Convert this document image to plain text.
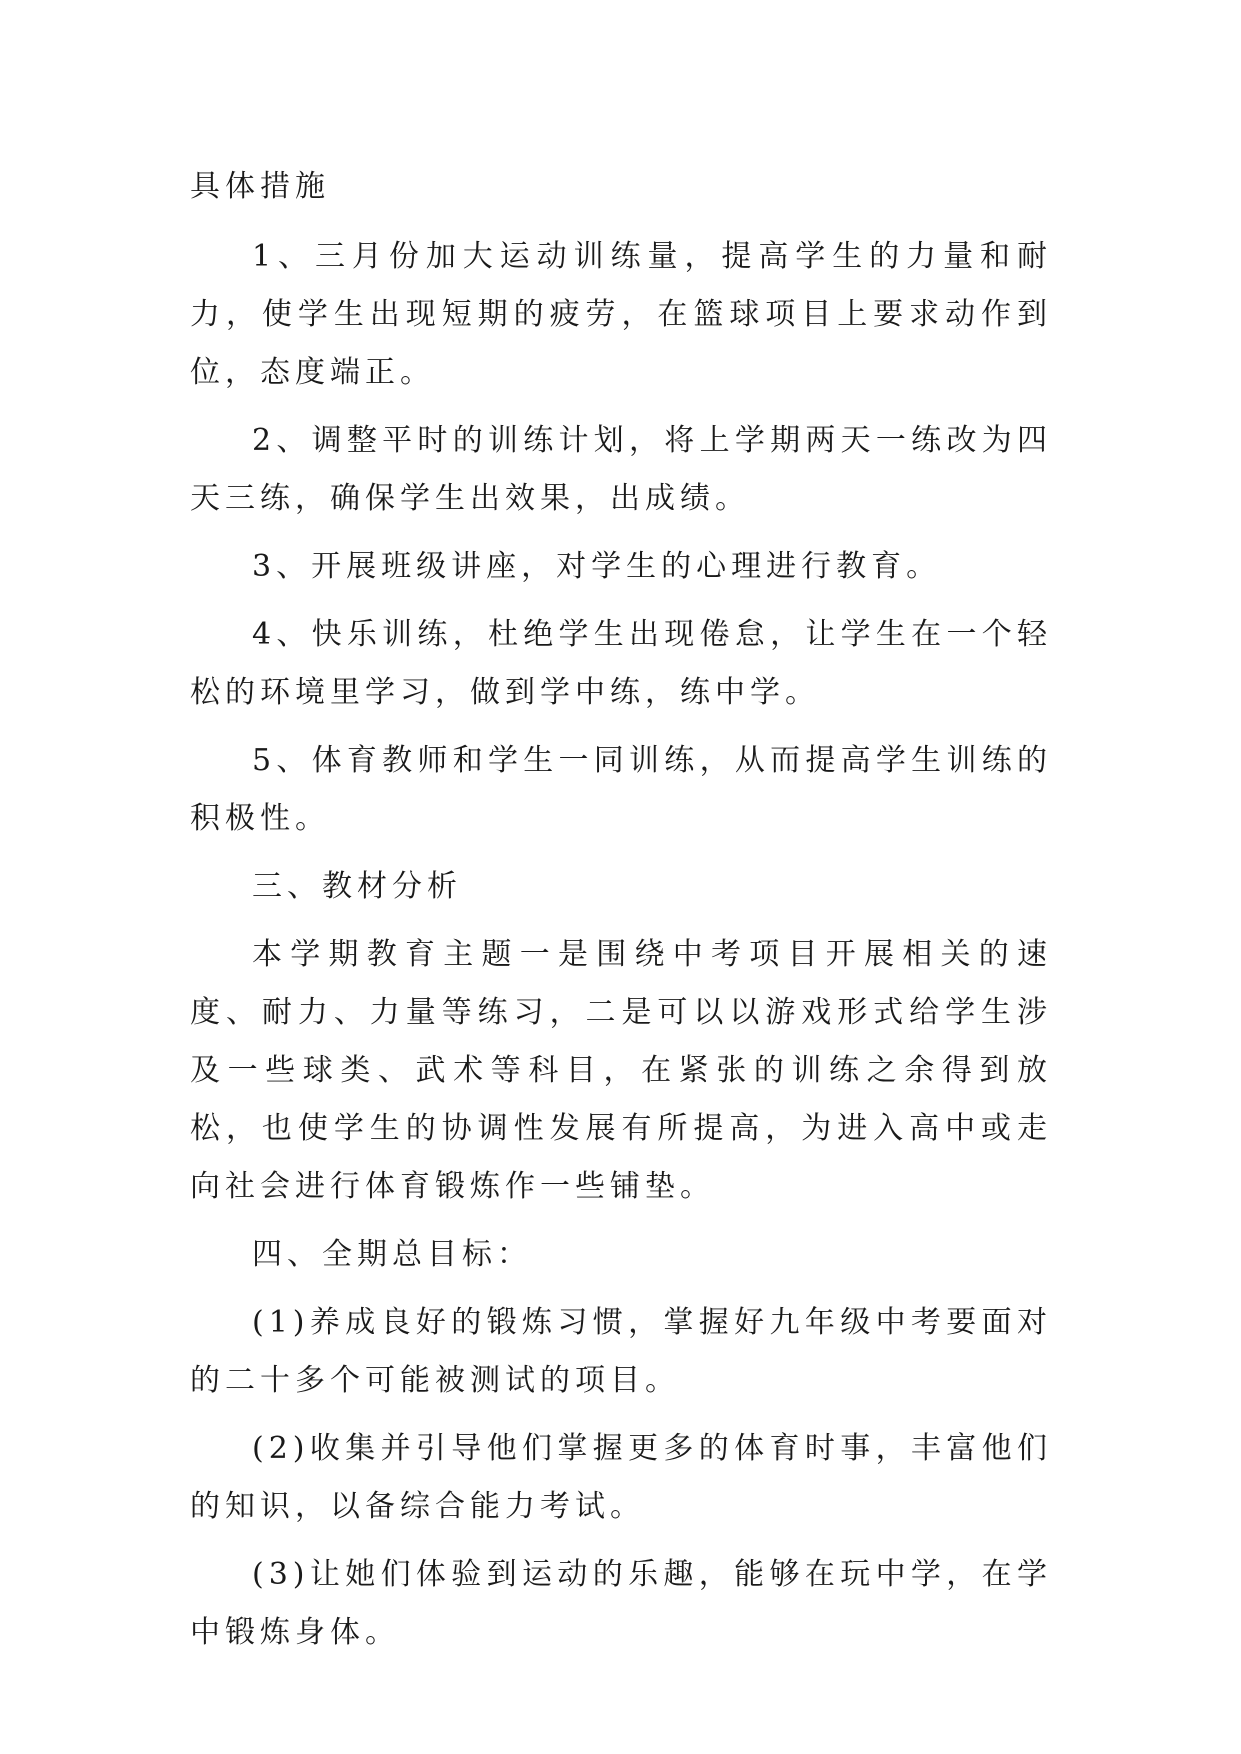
具体措施

1、三月份加大运动训练量，提高学生的力量和耐力，使学生出现短期的疲劳，在篮球项目上要求动作到位，态度端正。

2、调整平时的训练计划，将上学期两天一练改为四天三练，确保学生出效果，出成绩。

3、开展班级讲座，对学生的心理进行教育。

4、快乐训练，杜绝学生出现倦怠，让学生在一个轻松的环境里学习，做到学中练，练中学。

5、体育教师和学生一同训练，从而提高学生训练的积极性。

三、教材分析

本学期教育主题一是围绕中考项目开展相关的速度、耐力、力量等练习，二是可以以游戏形式给学生涉及一些球类、武术等科目，在紧张的训练之余得到放松，也使学生的协调性发展有所提高，为进入高中或走向社会进行体育锻炼作一些铺垫。

四、全期总目标：

(1)养成良好的锻炼习惯，掌握好九年级中考要面对的二十多个可能被测试的项目。

(2)收集并引导他们掌握更多的体育时事，丰富他们的知识，以备综合能力考试。

(3)让她们体验到运动的乐趣，能够在玩中学，在学中锻炼身体。
